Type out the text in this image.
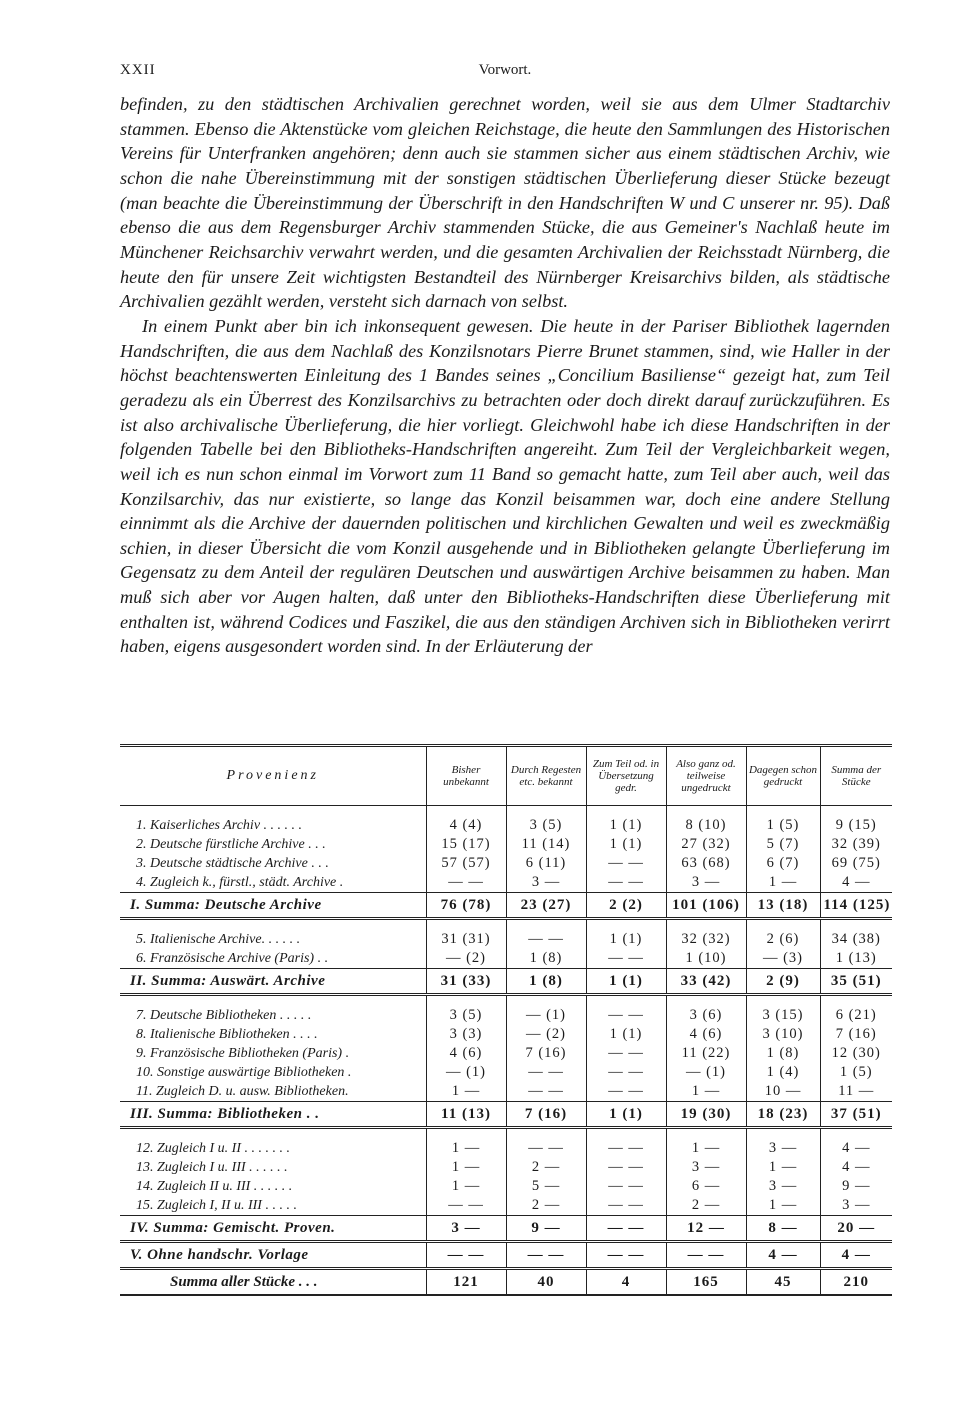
XXII	Vorwort.

befinden, zu den städtischen Archivalien gerechnet worden, weil sie aus dem Ulmer Stadtarchiv stammen. Ebenso die Aktenstücke vom gleichen Reichstage, die heute den Sammlungen des Historischen Vereins für Unterfranken angehören; denn auch sie stammen sicher aus einem städtischen Archiv, wie schon die nahe Übereinstimmung mit der sonstigen städtischen Überlieferung dieser Stücke bezeugt (man beachte die Übereinstimmung der Überschrift in den Handschriften W und C unserer nr. 95). Daß ebenso die aus dem Regensburger Archiv stammenden Stücke, die aus Gemeiner's Nachlaß heute im Münchener Reichsarchiv verwahrt werden, und die gesamten Archivalien der Reichsstadt Nürnberg, die heute den für unsere Zeit wichtigsten Bestandteil des Nürnberger Kreisarchivs bilden, als städtische Archivalien gezählt werden, versteht sich darnach von selbst.

In einem Punkt aber bin ich inkonsequent gewesen. Die heute in der Pariser Bibliothek lagernden Handschriften, die aus dem Nachlaß des Konzilsnotars Pierre Brunet stammen, sind, wie Haller in der höchst beachtenswerten Einleitung des 1 Bandes seines „Concilium Basiliense“ gezeigt hat, zum Teil geradezu als ein Überrest des Konzilsarchivs zu betrachten oder doch direkt darauf zurückzuführen. Es ist also archivalische Überlieferung, die hier vorliegt. Gleichwohl habe ich diese Handschriften in der folgenden Tabelle bei den Bibliotheks-Handschriften angereiht. Zum Teil der Vergleichbarkeit wegen, weil ich es nun schon einmal im Vorwort zum 11 Band so gemacht hatte, zum Teil aber auch, weil das Konzilsarchiv, das nur existierte, so lange das Konzil beisammen war, doch eine andere Stellung einnimmt als die Archive der dauernden politischen und kirchlichen Gewalten und weil es zweckmäßig schien, in dieser Übersicht die vom Konzil ausgehende und in Bibliotheken gelangte Überlieferung im Gegensatz zu dem Anteil der regulären Deutschen und auswärtigen Archive beisammen zu haben. Man muß sich aber vor Augen halten, daß unter den Bibliotheks-Handschriften diese Überlieferung mit enthalten ist, während Codices und Faszikel, die aus den ständigen Archiven sich in Bibliotheken verirrt haben, eigens ausgesondert worden sind. In der Erläuterung der

Provenienz	Bisher unbekannt	Durch Regesten etc. bekannt	Zum Teil od. in Übersetzung gedr.	Also ganz od. teilweise ungedruckt	Dagegen schon gedruckt	Summa der Stücke
1. Kaiserliches Archiv . . . . . .	4 (4)	3 (5)	1 (1)	8 (10)	1 (5)	9 (15)
2. Deutsche fürstliche Archive . . .	15 (17)	11 (14)	1 (1)	27 (32)	5 (7)	32 (39)
3. Deutsche städtische Archive . . .	57 (57)	6 (11)	— —	63 (68)	6 (7)	69 (75)
4. Zugleich k., fürstl., städt. Archive .	— —	3 —	— —	3 —	1 —	4 —
I. Summa: Deutsche Archive	76 (78)	23 (27)	2 (2)	101 (106)	13 (18)	114 (125)
5. Italienische Archive. . . . . .	31 (31)	— —	1 (1)	32 (32)	2 (6)	34 (38)
6. Französische Archive (Paris) . .	— (2)	1 (8)	— —	1 (10)	— (3)	1 (13)
II. Summa: Auswärt. Archive	31 (33)	1 (8)	1 (1)	33 (42)	2 (9)	35 (51)
7. Deutsche Bibliotheken . . . . .	3 (5)	— (1)	— —	3 (6)	3 (15)	6 (21)
8. Italienische Bibliotheken . . . .	3 (3)	— (2)	1 (1)	4 (6)	3 (10)	7 (16)
9. Französische Bibliotheken (Paris) .	4 (6)	7 (16)	— —	11 (22)	1 (8)	12 (30)
10. Sonstige auswärtige Bibliotheken .	— (1)	— —	— —	— (1)	1 (4)	1 (5)
11. Zugleich D. u. ausw. Bibliotheken.	1 —	— —	— —	1 —	10 —	11 —
III. Summa: Bibliotheken . .	11 (13)	7 (16)	1 (1)	19 (30)	18 (23)	37 (51)
12. Zugleich I u. II . . . . . . .	1 —	— —	— —	1 —	3 —	4 —
13. Zugleich I u. III . . . . . .	1 —	2 —	— —	3 —	1 —	4 —
14. Zugleich II u. III . . . . . .	1 —	5 —	— —	6 —	3 —	9 —
15. Zugleich I, II u. III . . . . .	— —	2 —	— —	2 —	1 —	3 —
IV. Summa: Gemischt. Proven.	3 —	9 —	— —	12 —	8 —	20 —
V. Ohne handschr. Vorlage	— —	— —	— —	— —	4 —	4 —
Summa aller Stücke . . .	121	40	4	165	45	210
